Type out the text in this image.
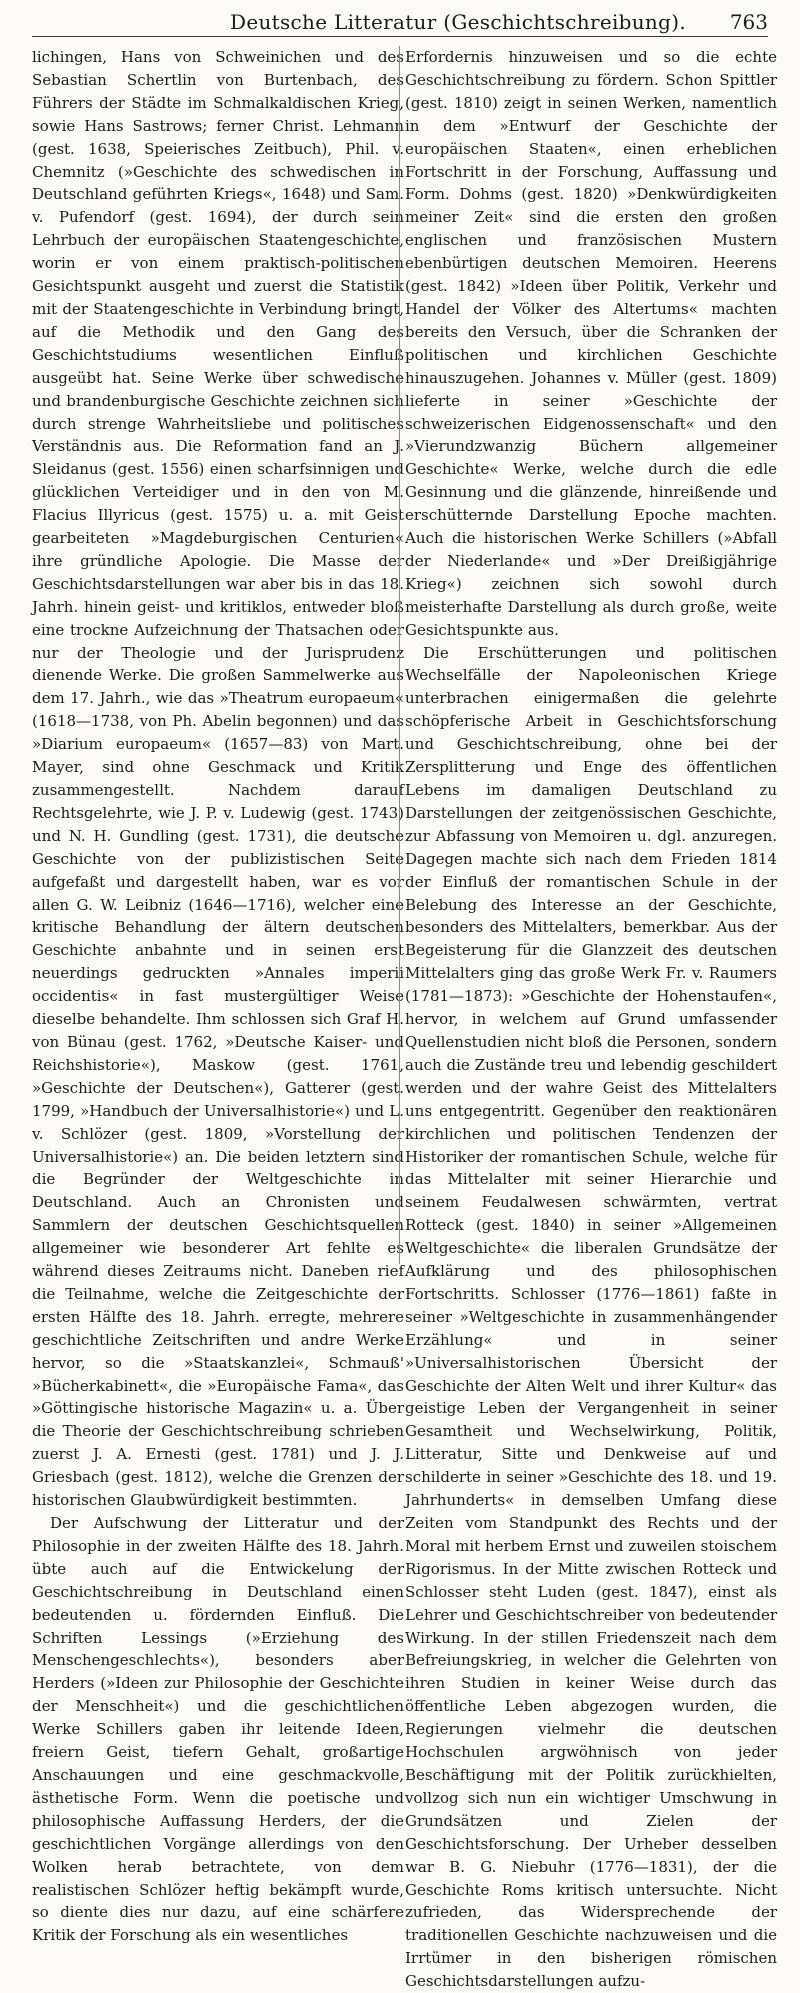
Deutsche Litteratur (Geschichtschreibung). 763

lichingen, Hans von Schweinichen und des Sebastian Schertlin von Burtenbach, des Führers der Städte im Schmalkaldischen Krieg, sowie Hans Sastrows; ferner Christ. Lehmann (gest. 1638, Speierisches Zeitbuch), Phil. v. Chemnitz (»Geschichte des schwedischen in Deutschland geführten Kriegs«, 1648) und Sam. v. Pufendorf (gest. 1694), der durch sein Lehrbuch der europäischen Staatengeschichte, worin er von einem praktisch-politischen Gesichtspunkt ausgeht und zuerst die Statistik mit der Staatengeschichte in Verbindung bringt, auf die Methodik und den Gang des Geschichtstudiums wesentlichen Einfluß ausgeübt hat. Seine Werke über schwedische und brandenburgische Geschichte zeichnen sich durch strenge Wahrheitsliebe und politisches Verständnis aus. Die Reformation fand an J. Sleidanus (gest. 1556) einen scharfsinnigen und glücklichen Verteidiger und in den von M. Flacius Illyricus (gest. 1575) u. a. mit Geist gearbeiteten »Magdeburgischen Centurien« ihre gründliche Apologie. Die Masse der Geschichtsdarstellungen war aber bis in das 18. Jahrh. hinein geist- und kritiklos, entweder bloß eine trockne Aufzeichnung der Thatsachen oder nur der Theologie und der Jurisprudenz dienende Werke. Die großen Sammelwerke aus dem 17. Jahrh., wie das »Theatrum europaeum« (1618—1738, von Ph. Abelin begonnen) und das »Diarium europaeum« (1657—83) von Mart. Mayer, sind ohne Geschmack und Kritik zusammengestellt. Nachdem darauf Rechtsgelehrte, wie J. P. v. Ludewig (gest. 1743) und N. H. Gundling (gest. 1731), die deutsche Geschichte von der publizistischen Seite aufgefaßt und dargestellt haben, war es vor allen G. W. Leibniz (1646—1716), welcher eine kritische Behandlung der ältern deutschen Geschichte anbahnte und in seinen erst neuerdings gedruckten »Annales imperii occidentis« in fast mustergültiger Weise dieselbe behandelte. Ihm schlossen sich Graf H. von Bünau (gest. 1762, »Deutsche Kaiser- und Reichshistorie«), Maskow (gest. 1761, »Geschichte der Deutschen«), Gatterer (gest. 1799, »Handbuch der Universalhistorie«) und L. v. Schlözer (gest. 1809, »Vorstellung der Universalhistorie«) an. Die beiden letztern sind die Begründer der Weltgeschichte in Deutschland. Auch an Chronisten und Sammlern der deutschen Geschichtsquellen allgemeiner wie besonderer Art fehlte es während dieses Zeitraums nicht. Daneben rief die Teilnahme, welche die Zeitgeschichte der ersten Hälfte des 18. Jahrh. erregte, mehrere geschichtliche Zeitschriften und andre Werke hervor, so die »Staatskanzlei«, Schmauß' »Bücherkabinett«, die »Europäische Fama«, das »Göttingische historische Magazin« u. a. Über die Theorie der Geschichtschreibung schrieben zuerst J. A. Ernesti (gest. 1781) und J. J. Griesbach (gest. 1812), welche die Grenzen der historischen Glaubwürdigkeit bestimmten.

Der Aufschwung der Litteratur und der Philosophie in der zweiten Hälfte des 18. Jahrh. übte auch auf die Entwickelung der Geschichtschreibung in Deutschland einen bedeutenden u. fördernden Einfluß. Die Schriften Lessings (»Erziehung des Menschengeschlechts«), besonders aber Herders (»Ideen zur Philosophie der Geschichte der Menschheit«) und die geschichtlichen Werke Schillers gaben ihr leitende Ideen, freiern Geist, tiefern Gehalt, großartige Anschauungen und eine geschmackvolle, ästhetische Form. Wenn die poetische und philosophische Auffassung Herders, der die geschichtlichen Vorgänge allerdings von den Wolken herab betrachtete, von dem realistischen Schlözer heftig bekämpft wurde, so diente dies nur dazu, auf eine schärfere Kritik der Forschung als ein wesentliches

Erfordernis hinzuweisen und so die echte Geschichtschreibung zu fördern. Schon Spittler (gest. 1810) zeigt in seinen Werken, namentlich in dem »Entwurf der Geschichte der europäischen Staaten«, einen erheblichen Fortschritt in der Forschung, Auffassung und Form. Dohms (gest. 1820) »Denkwürdigkeiten meiner Zeit« sind die ersten den großen englischen und französischen Mustern ebenbürtigen deutschen Memoiren. Heerens (gest. 1842) »Ideen über Politik, Verkehr und Handel der Völker des Altertums« machten bereits den Versuch, über die Schranken der politischen und kirchlichen Geschichte hinauszugehen. Johannes v. Müller (gest. 1809) lieferte in seiner »Geschichte der schweizerischen Eidgenossenschaft« und den »Vierundzwanzig Büchern allgemeiner Geschichte« Werke, welche durch die edle Gesinnung und die glänzende, hinreißende und erschütternde Darstellung Epoche machten. Auch die historischen Werke Schillers (»Abfall der Niederlande« und »Der Dreißigjährige Krieg«) zeichnen sich sowohl durch meisterhafte Darstellung als durch große, weite Gesichtspunkte aus.

Die Erschütterungen und politischen Wechselfälle der Napoleonischen Kriege unterbrachen einigermaßen die gelehrte schöpferische Arbeit in Geschichtsforschung und Geschichtschreibung, ohne bei der Zersplitterung und Enge des öffentlichen Lebens im damaligen Deutschland zu Darstellungen der zeitgenössischen Geschichte, zur Abfassung von Memoiren u. dgl. anzuregen. Dagegen machte sich nach dem Frieden 1814 der Einfluß der romantischen Schule in der Belebung des Interesse an der Geschichte, besonders des Mittelalters, bemerkbar. Aus der Begeisterung für die Glanzzeit des deutschen Mittelalters ging das große Werk Fr. v. Raumers (1781—1873): »Geschichte der Hohenstaufen«, hervor, in welchem auf Grund umfassender Quellenstudien nicht bloß die Personen, sondern auch die Zustände treu und lebendig geschildert werden und der wahre Geist des Mittelalters uns entgegentritt. Gegenüber den reaktionären kirchlichen und politischen Tendenzen der Historiker der romantischen Schule, welche für das Mittelalter mit seiner Hierarchie und seinem Feudalwesen schwärmten, vertrat Rotteck (gest. 1840) in seiner »Allgemeinen Weltgeschichte« die liberalen Grundsätze der Aufklärung und des philosophischen Fortschritts. Schlosser (1776—1861) faßte in seiner »Weltgeschichte in zusammenhängender Erzählung« und in seiner »Universalhistorischen Übersicht der Geschichte der Alten Welt und ihrer Kultur« das geistige Leben der Vergangenheit in seiner Gesamtheit und Wechselwirkung, Politik, Litteratur, Sitte und Denkweise auf und schilderte in seiner »Geschichte des 18. und 19. Jahrhunderts« in demselben Umfang diese Zeiten vom Standpunkt des Rechts und der Moral mit herbem Ernst und zuweilen stoischem Rigorismus. In der Mitte zwischen Rotteck und Schlosser steht Luden (gest. 1847), einst als Lehrer und Geschichtschreiber von bedeutender Wirkung. In der stillen Friedenszeit nach dem Befreiungskrieg, in welcher die Gelehrten von ihren Studien in keiner Weise durch das öffentliche Leben abgezogen wurden, die Regierungen vielmehr die deutschen Hochschulen argwöhnisch von jeder Beschäftigung mit der Politik zurückhielten, vollzog sich nun ein wichtiger Umschwung in Grundsätzen und Zielen der Geschichtsforschung. Der Urheber desselben war B. G. Niebuhr (1776—1831), der die Geschichte Roms kritisch untersuchte. Nicht zufrieden, das Widersprechende der traditionellen Geschichte nachzuweisen und die Irrtümer in den bisherigen römischen Geschichtsdarstellungen aufzu-
